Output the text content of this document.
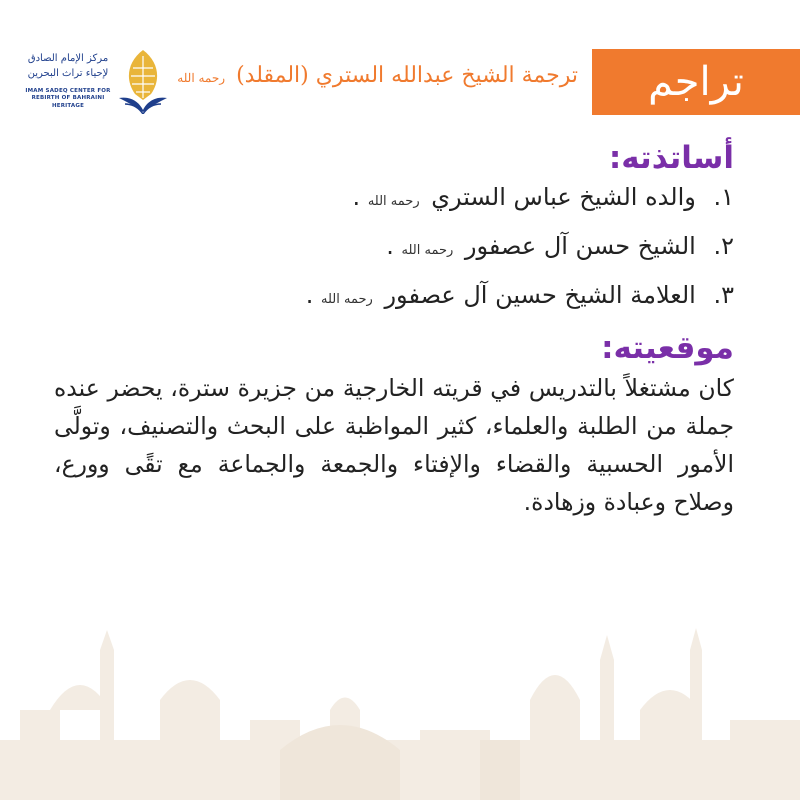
تراجم
ترجمة الشيخ عبدالله الستري (المقلد) رحمه الله
مركز الإمام الصادق
لإحياء تراث البحرين
IMAM SADEQ CENTER FOR
REBIRTH OF BAHRAINI HERITAGE
أساتذته:
١. والده الشيخ عباس الستري رحمه الله .
٢. الشيخ حسن آل عصفور رحمه الله .
٣. العلامة الشيخ حسين آل عصفور رحمه الله .
موقعيته:

كان مشتغلاً بالتدريس في قريته الخارجية من جزيرة سترة، يحضر عنده جملة من الطلبة والعلماء، كثير المواظبة على البحث والتصنيف، وتولَّى الأمور الحسبية والقضاء والإفتاء والجمعة والجماعة مع تقًى وورع، وصلاح وعبادة وزهادة.
